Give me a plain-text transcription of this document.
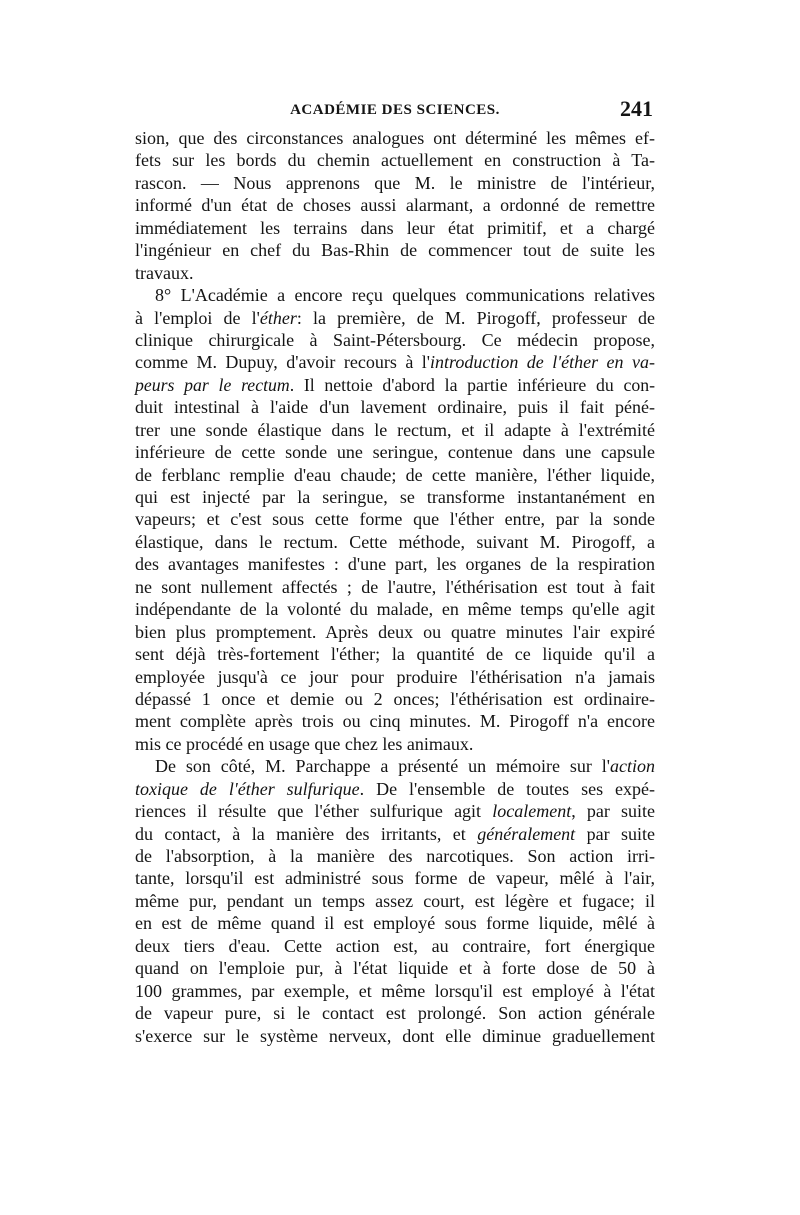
ACADÉMIE DES SCIENCES.	241
sion, que des circonstances analogues ont déterminé les mêmes ef-
fets sur les bords du chemin actuellement en construction à Ta-
rascon. — Nous apprenons que M. le ministre de l'intérieur,
informé d'un état de choses aussi alarmant, a ordonné de remettre
immédiatement les terrains dans leur état primitif, et a chargé
l'ingénieur en chef du Bas-Rhin de commencer tout de suite les
travaux.
8° L'Académie a encore reçu quelques communications relatives
à l'emploi de l'éther: la première, de M. Pirogoff, professeur de
clinique chirurgicale à Saint-Pétersbourg. Ce médecin propose,
comme M. Dupuy, d'avoir recours à l'introduction de l'éther en va-
peurs par le rectum. Il nettoie d'abord la partie inférieure du con-
duit intestinal à l'aide d'un lavement ordinaire, puis il fait péné-
trer une sonde élastique dans le rectum, et il adapte à l'extrémité
inférieure de cette sonde une seringue, contenue dans une capsule
de ferblanc remplie d'eau chaude; de cette manière, l'éther liquide,
qui est injecté par la seringue, se transforme instantanément en
vapeurs; et c'est sous cette forme que l'éther entre, par la sonde
élastique, dans le rectum. Cette méthode, suivant M. Pirogoff, a
des avantages manifestes : d'une part, les organes de la respiration
ne sont nullement affectés ; de l'autre, l'éthérisation est tout à fait
indépendante de la volonté du malade, en même temps qu'elle agit
bien plus promptement. Après deux ou quatre minutes l'air expiré
sent déjà très-fortement l'éther; la quantité de ce liquide qu'il a
employée jusqu'à ce jour pour produire l'éthérisation n'a jamais
dépassé 1 once et demie ou 2 onces; l'éthérisation est ordinaire-
ment complète après trois ou cinq minutes. M. Pirogoff n'a encore
mis ce procédé en usage que chez les animaux.
De son côté, M. Parchappe a présenté un mémoire sur l'action
toxique de l'éther sulfurique. De l'ensemble de toutes ses expé-
riences il résulte que l'éther sulfurique agit localement, par suite
du contact, à la manière des irritants, et généralement par suite
de l'absorption, à la manière des narcotiques. Son action irri-
tante, lorsqu'il est administré sous forme de vapeur, mêlé à l'air,
même pur, pendant un temps assez court, est légère et fugace; il
en est de même quand il est employé sous forme liquide, mêlé à
deux tiers d'eau. Cette action est, au contraire, fort énergique
quand on l'emploie pur, à l'état liquide et à forte dose de 50 à
100 grammes, par exemple, et même lorsqu'il est employé à l'état
de vapeur pure, si le contact est prolongé. Son action générale
s'exerce sur le système nerveux, dont elle diminue graduellement
